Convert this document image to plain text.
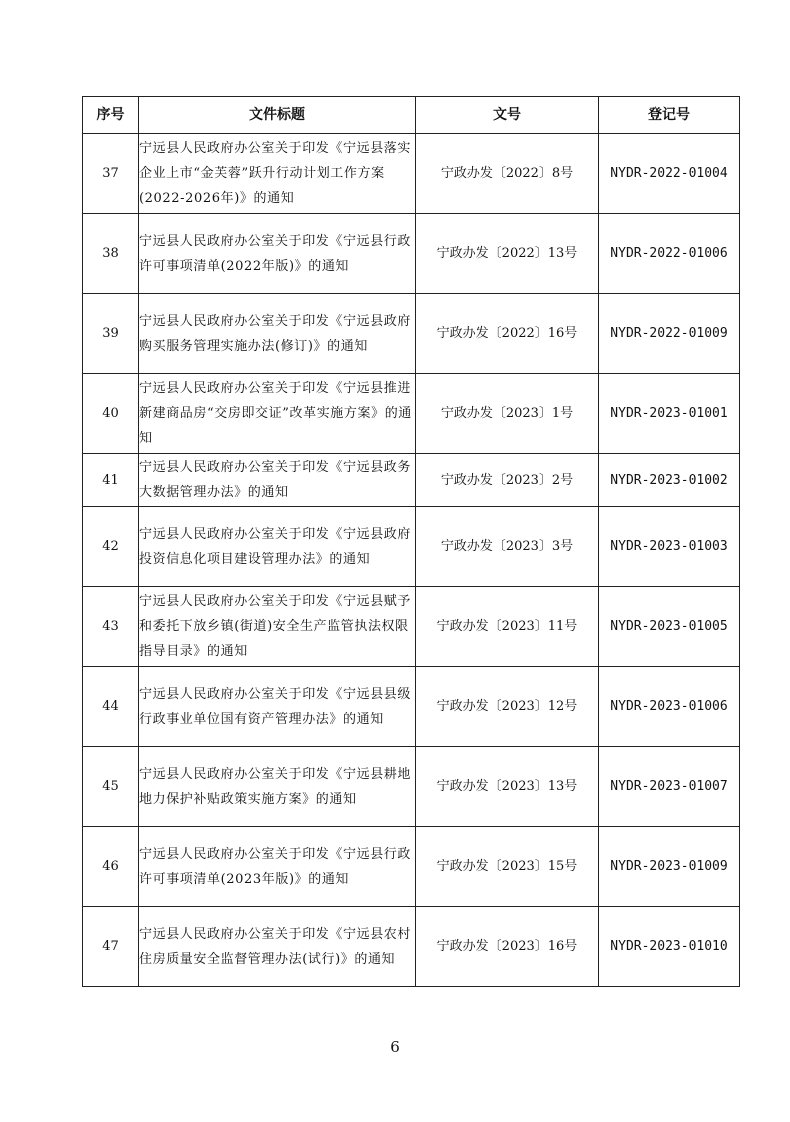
序号	文件标题	文号	登记号
37	宁远县人民政府办公室关于印发《宁远县落实企业上市“金芙蓉”跃升行动计划工作方案(2022-2026年)》的通知	宁政办发〔2022〕8号	NYDR-2022-01004
38	宁远县人民政府办公室关于印发《宁远县行政许可事项清单(2022年版)》的通知	宁政办发〔2022〕13号	NYDR-2022-01006
39	宁远县人民政府办公室关于印发《宁远县政府购买服务管理实施办法(修订)》的通知	宁政办发〔2022〕16号	NYDR-2022-01009
40	宁远县人民政府办公室关于印发《宁远县推进新建商品房“交房即交证”改革实施方案》的通知	宁政办发〔2023〕1号	NYDR-2023-01001
41	宁远县人民政府办公室关于印发《宁远县政务大数据管理办法》的通知	宁政办发〔2023〕2号	NYDR-2023-01002
42	宁远县人民政府办公室关于印发《宁远县政府投资信息化项目建设管理办法》的通知	宁政办发〔2023〕3号	NYDR-2023-01003
43	宁远县人民政府办公室关于印发《宁远县赋予和委托下放乡镇(街道)安全生产监管执法权限指导目录》的通知	宁政办发〔2023〕11号	NYDR-2023-01005
44	宁远县人民政府办公室关于印发《宁远县县级行政事业单位国有资产管理办法》的通知	宁政办发〔2023〕12号	NYDR-2023-01006
45	宁远县人民政府办公室关于印发《宁远县耕地地力保护补贴政策实施方案》的通知	宁政办发〔2023〕13号	NYDR-2023-01007
46	宁远县人民政府办公室关于印发《宁远县行政许可事项清单(2023年版)》的通知	宁政办发〔2023〕15号	NYDR-2023-01009
47	宁远县人民政府办公室关于印发《宁远县农村住房质量安全监督管理办法(试行)》的通知	宁政办发〔2023〕16号	NYDR-2023-01010
6
